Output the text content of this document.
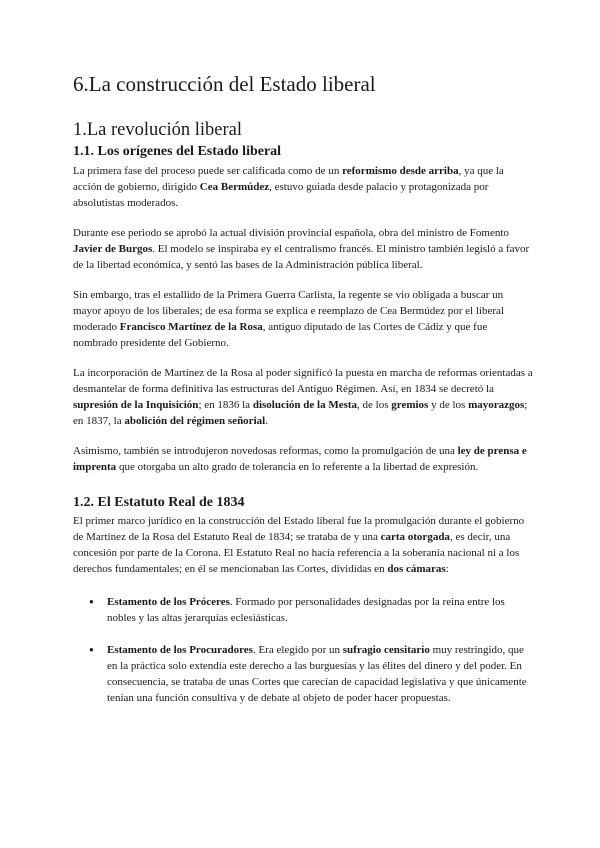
6.La construcción del Estado liberal
1.La revolución liberal
1.1. Los orígenes del Estado liberal

La primera fase del proceso puede ser calificada como de un reformismo desde arriba, ya que la acción de gobierno, dirigido Cea Bermúdez, estuvo guiada desde palacio y protagonizada por absolutistas moderados.

Durante ese periodo se aprobó la actual división provincial española, obra del ministro de Fomento Javier de Burgos. El modelo se inspiraba ey el centralismo francés. El ministro también legisló a favor de la libertad económica, y sentó las bases de la Administración pública liberal.

Sin embargo, tras el estallido de la Primera Guerra Carlista, la regente se vio obligada a buscar un mayor apoyo de los liberales; de esa forma se explica e reemplazo de Cea Bermúdez por el liberal moderado Francisco Martínez de la Rosa, antiguo diputado de las Cortes de Cádiz y que fue nombrado presidente del Gobierno.

La incorporación de Martínez de la Rosa al poder significó la puesta en marcha de reformas orientadas a desmantelar de forma definitiva las estructuras del Antiguo Régimen. Así, en 1834 se decretó la supresión de la Inquisición; en 1836 la disolución de la Mesta, de los gremios y de los mayorazgos; en 1837, la abolición del régimen señorial.

Asimismo, también se introdujeron novedosas reformas, como la promulgación de una ley de prensa e imprenta que otorgaba un alto grado de tolerancia en lo referente a la libertad de expresión.

1.2. El Estatuto Real de 1834

El primer marco jurídico en la construcción del Estado liberal fue la promulgación durante el gobierno de Martínez de la Rosa del Estatuto Real de 1834; se trataba de y una carta otorgada, es decir, una concesión por parte de la Corona. El Estatuto Real no hacía referencia a la soberanía nacional ni a los derechos fundamentales; en él se mencionaban las Cortes, divididas en dos cámaras:

● Estamento de los Próceres. Formado por personalidades designadas por la reina entre los nobles y las altas jerarquías eclesiásticas.
● Estamento de los Procuradores. Era elegido por un sufragio censitario muy restringido, que en la práctica solo extendía este derecho a las burguesías y las élites del dinero y del poder. En consecuencia, se trataba de unas Cortes que carecían de capacidad legislativa y que únicamente tenían una función consultiva y de debate al objeto de poder hacer propuestas.
